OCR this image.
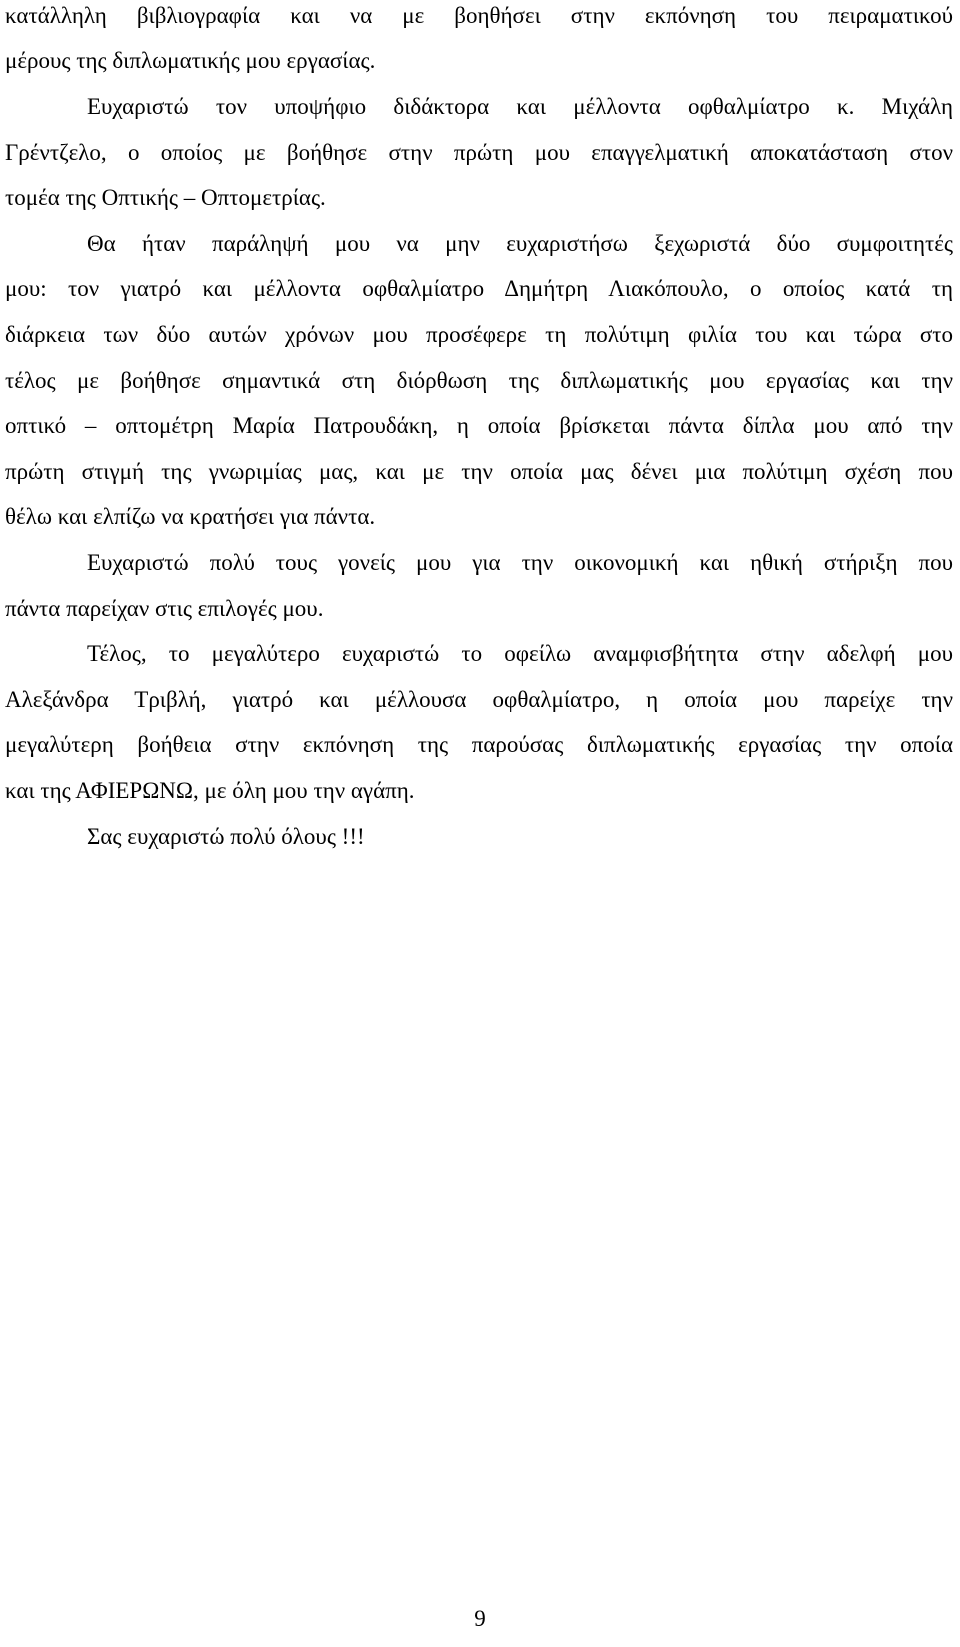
κατάλληλη βιβλιογραφία και να με βοηθήσει στην εκπόνηση του πειραματικού
μέρους της διπλωματικής μου εργασίας.
Ευχαριστώ τον υποψήφιο διδάκτορα και μέλλοντα οφθαλμίατρο κ. Μιχάλη
Γρέντζελο, ο οποίος με βοήθησε στην πρώτη μου επαγγελματική αποκατάσταση στον
τομέα της Οπτικής – Οπτομετρίας.
Θα ήταν παράληψή μου να μην ευχαριστήσω ξεχωριστά δύο συμφοιτητές
μου: τον γιατρό και μέλλοντα οφθαλμίατρο Δημήτρη Λιακόπουλο, ο οποίος κατά τη
διάρκεια των δύο αυτών χρόνων μου προσέφερε τη πολύτιμη φιλία του και τώρα στο
τέλος με βοήθησε σημαντικά στη διόρθωση της διπλωματικής μου εργασίας και την
οπτικό – οπτομέτρη Μαρία Πατρουδάκη, η οποία βρίσκεται πάντα δίπλα μου από την
πρώτη στιγμή της γνωριμίας μας, και με την οποία μας δένει μια πολύτιμη σχέση που
θέλω και ελπίζω να κρατήσει για πάντα.
Ευχαριστώ πολύ τους γονείς μου για την οικονομική και ηθική στήριξη που
πάντα παρείχαν στις επιλογές μου.
Τέλος, το μεγαλύτερο ευχαριστώ το οφείλω αναμφισβήτητα στην αδελφή μου
Αλεξάνδρα Τριβλή, γιατρό και μέλλουσα οφθαλμίατρο, η οποία μου παρείχε την
μεγαλύτερη βοήθεια στην εκπόνηση της παρούσας διπλωματικής εργασίας την οποία
και της ΑΦΙΕΡΩΝΩ, με όλη μου την αγάπη.
Σας ευχαριστώ πολύ όλους !!!
9
